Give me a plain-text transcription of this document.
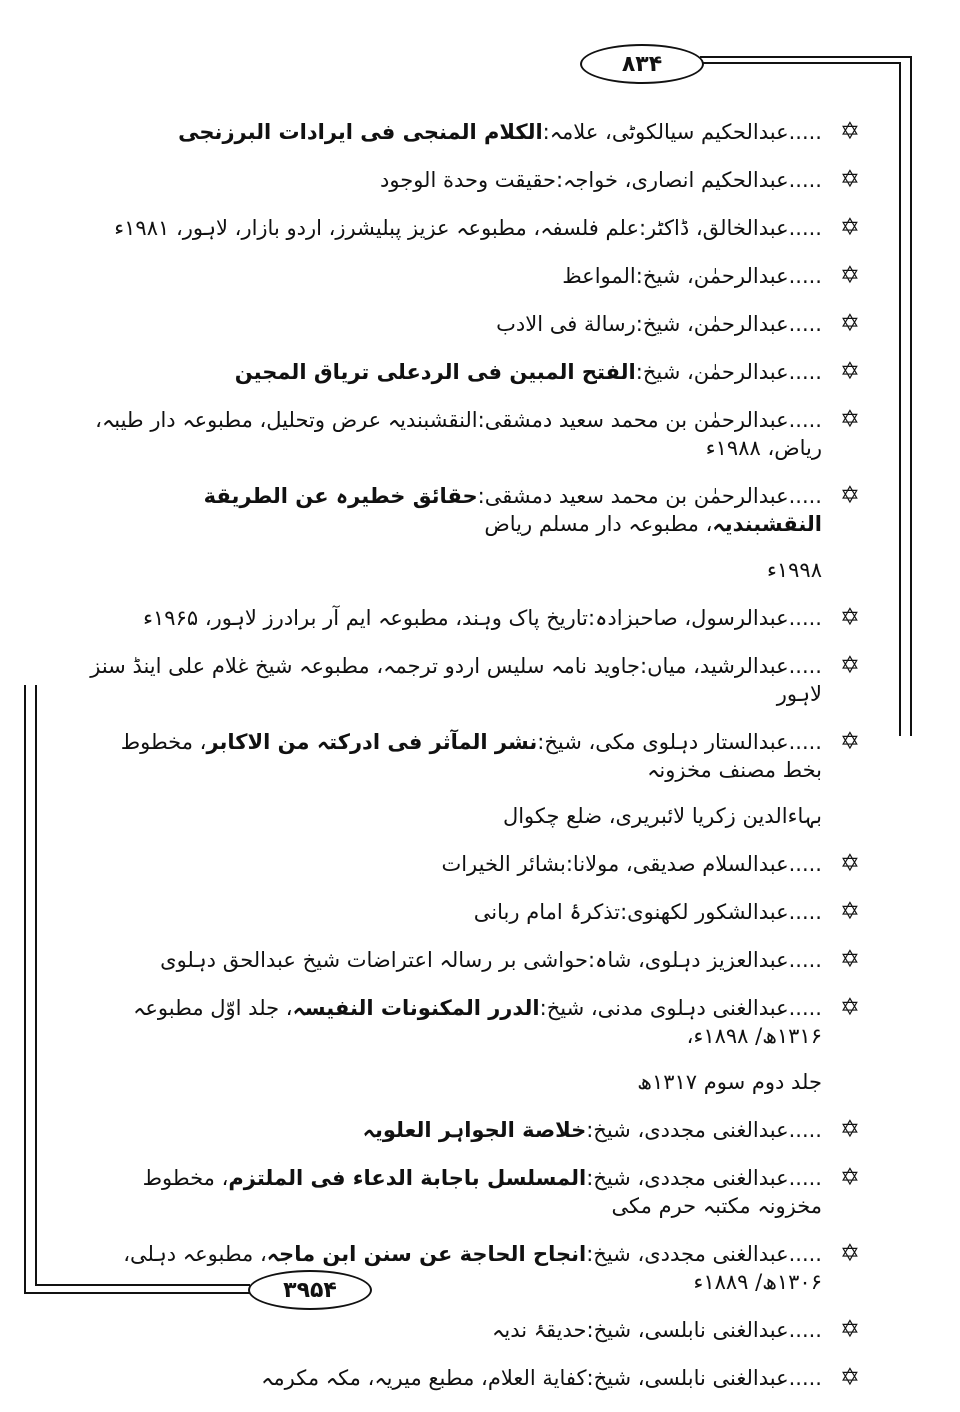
۸۳۴
۳۹۵۴
✡
.....عبدالحکیم سیالکوٹی، علامہ:الکلام المنجی فی ایرادات البرزنجی
✡
.....عبدالحکیم انصاری، خواجہ:حقیقت وحدة الوجود
✡
.....عبدالخالق، ڈاکٹر:علم فلسفہ، مطبوعہ عزیز پبلیشرز، اردو بازار، لاہور، ۱۹۸۱ء
✡
.....عبدالرحمٰن، شیخ:المواعظ
✡
.....عبدالرحمٰن، شیخ:رسالة فی الادب
✡
.....عبدالرحمٰن، شیخ:الفتح المبین فی الردعلی تریاق المجین
✡
.....عبدالرحمٰن بن محمد سعید دمشقی:النقشبندیہ عرض وتحلیل، مطبوعہ دار طیبہ، ریاض، ۱۹۸۸ء
✡
.....عبدالرحمٰن بن محمد سعید دمشقی:حقائق خطیرہ عن الطریقة النقشبندیہ، مطبوعہ دار مسلم ریاض
۱۹۹۸ء
✡
.....عبدالرسول، صاحبزادہ:تاریخ پاک وہند، مطبوعہ ایم آر برادرز لاہور، ۱۹۶۵ء
✡
.....عبدالرشید، میاں:جاوید نامہ سلیس اردو ترجمہ، مطبوعہ شیخ غلام علی اینڈ سنز لاہور
✡
.....عبدالستار دہلوی مکی، شیخ:نشر المآثر فی ادرکتہ من الاکابر، مخطوط بخط مصنف مخزونہ
بہاءالدین زکریا لائبریری، ضلع چکوال
✡
.....عبدالسلام صدیقی، مولانا:بشائر الخیرات
✡
.....عبدالشکور لکھنوی:تذکرۂ امام ربانی
✡
.....عبدالعزیز دہلوی، شاہ:حواشی بر رسالہ اعتراضات شیخ عبدالحق دہلوی
✡
.....عبدالغنی دہلوی مدنی، شیخ:الدرر المکنونات النفیسہ، جلد اوّل مطبوعہ ۱۳۱۶ھ/ ۱۸۹۸ء،
جلد دوم سوم ۱۳۱۷ھ
✡
.....عبدالغنی مجددی، شیخ:خلاصة الجواہر العلویہ
✡
.....عبدالغنی مجددی، شیخ:المسلسل باجابة الدعاء فی الملتزم، مخطوط مخزونہ مکتبہ حرم مکی
✡
.....عبدالغنی مجددی، شیخ:انجاح الحاجة عن سنن ابن ماجہ، مطبوعہ دہلی، ۱۳۰۶ھ/ ۱۸۸۹ء
✡
.....عبدالغنی نابلسی، شیخ:حدیقۂ ندیہ
✡
.....عبدالغنی نابلسی، شیخ:کفایة العلام، مطبع میریہ، مکہ مکرمہ
